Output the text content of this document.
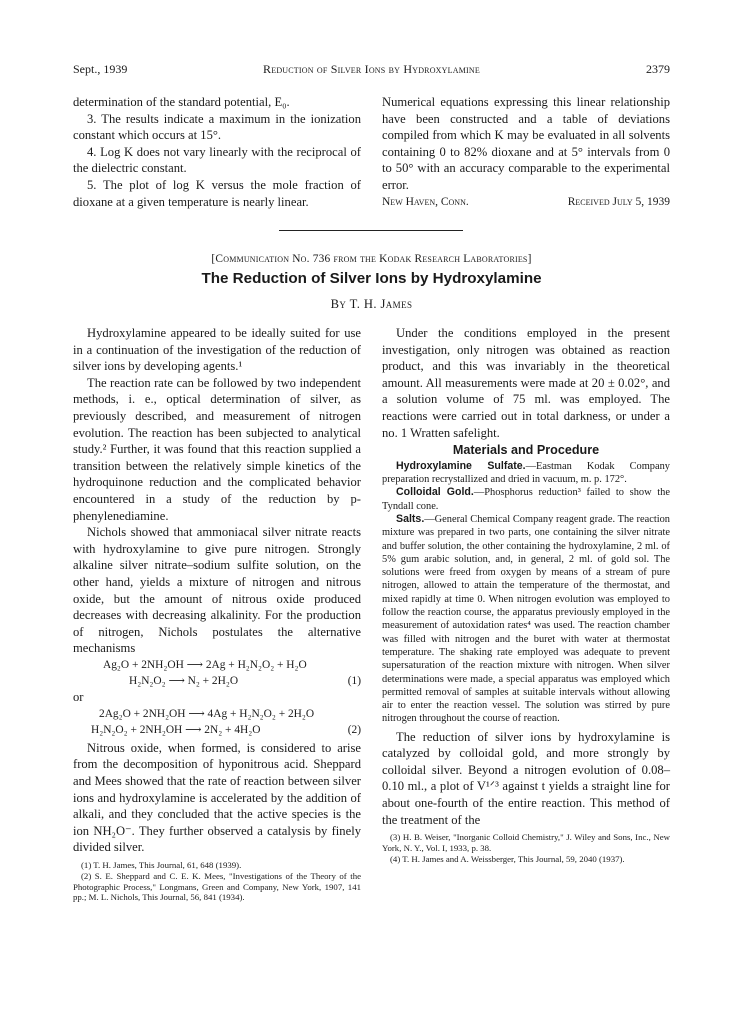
Sept., 1939	Reduction of Silver Ions by Hydroxylamine	2379

determination of the standard potential, E₀.

3. The results indicate a maximum in the ionization constant which occurs at 15°.

4. Log K does not vary linearly with the reciprocal of the dielectric constant.

5. The plot of log K versus the mole fraction of dioxane at a given temperature is nearly linear.

Numerical equations expressing this linear relationship have been constructed and a table of deviations compiled from which K may be evaluated in all solvents containing 0 to 82% dioxane and at 5° intervals from 0 to 50° with an accuracy comparable to the experimental error.

New Haven, Conn.	Received July 5, 1939
[Communication No. 736 from the Kodak Research Laboratories]
The Reduction of Silver Ions by Hydroxylamine
By T. H. James

Hydroxylamine appeared to be ideally suited for use in a continuation of the investigation of the reduction of silver ions by developing agents.¹

The reaction rate can be followed by two independent methods, i. e., optical determination of silver, as previously described, and measurement of nitrogen evolution. The reaction has been subjected to analytical study.² Further, it was found that this reaction supplied a transition between the relatively simple kinetics of the hydroquinone reduction and the complicated behavior encountered in a study of the reduction by p-phenylenediamine.

Nichols showed that ammoniacal silver nitrate reacts with hydroxylamine to give pure nitrogen. Strongly alkaline silver nitrate–sodium sulfite solution, on the other hand, yields a mixture of nitrogen and nitrous oxide, but the amount of nitrous oxide produced decreases with decreasing alkalinity. For the production of nitrogen, Nichols postulates the alternative mechanisms

Ag₂O + 2NH₂OH ⟶ 2Ag + H₂N₂O₂ + H₂O
H₂N₂O₂ ⟶ N₂ + 2H₂O	(1)
or
2Ag₂O + 2NH₂OH ⟶ 4Ag + H₂N₂O₂ + 2H₂O
H₂N₂O₂ + 2NH₂OH ⟶ 2N₂ + 4H₂O	(2)

Nitrous oxide, when formed, is considered to arise from the decomposition of hyponitrous acid. Sheppard and Mees showed that the rate of reaction between silver ions and hydroxylamine is accelerated by the addition of alkali, and they concluded that the active species is the ion NH₂O⁻. They further observed a catalysis by finely divided silver.

(1) T. H. James, This Journal, 61, 648 (1939).

(2) S. E. Sheppard and C. E. K. Mees, "Investigations of the Theory of the Photographic Process," Longmans, Green and Company, New York, 1907, 141 pp.; M. L. Nichols, This Journal, 56, 841 (1934).

Under the conditions employed in the present investigation, only nitrogen was obtained as reaction product, and this was invariably in the theoretical amount. All measurements were made at 20 ± 0.02°, and a solution volume of 75 ml. was employed. The reactions were carried out in total darkness, or under a no. 1 Wratten safelight.

Materials and Procedure

Hydroxylamine Sulfate.—Eastman Kodak Company preparation recrystallized and dried in vacuum, m. p. 172°.

Colloidal Gold.—Phosphorus reduction³ failed to show the Tyndall cone.

Salts.—General Chemical Company reagent grade. The reaction mixture was prepared in two parts, one containing the silver nitrate and buffer solution, the other containing the hydroxylamine, 2 ml. of 5% gum arabic solution, and, in general, 2 ml. of gold sol. The solutions were freed from oxygen by means of a stream of pure nitrogen, allowed to attain the temperature of the thermostat, and mixed rapidly at time 0. When nitrogen evolution was employed to follow the reaction course, the apparatus previously employed in the measurement of autoxidation rates⁴ was used. The reaction chamber was filled with nitrogen and the buret with water at thermostat temperature. The shaking rate employed was adequate to prevent supersaturation of the reaction mixture with nitrogen. When silver determinations were made, a special apparatus was employed which permitted removal of samples at suitable intervals without allowing air to enter the reaction vessel. The solution was stirred by pure nitrogen throughout the course of reaction.

The reduction of silver ions by hydroxylamine is catalyzed by colloidal gold, and more strongly by colloidal silver. Beyond a nitrogen evolution of 0.08–0.10 ml., a plot of V¹ᐟ³ against t yields a straight line for about one-fourth of the entire reaction. This method of the treatment of the

(3) H. B. Weiser, "Inorganic Colloid Chemistry," J. Wiley and Sons, Inc., New York, N. Y., Vol. I, 1933, p. 38.

(4) T. H. James and A. Weissberger, This Journal, 59, 2040 (1937).
